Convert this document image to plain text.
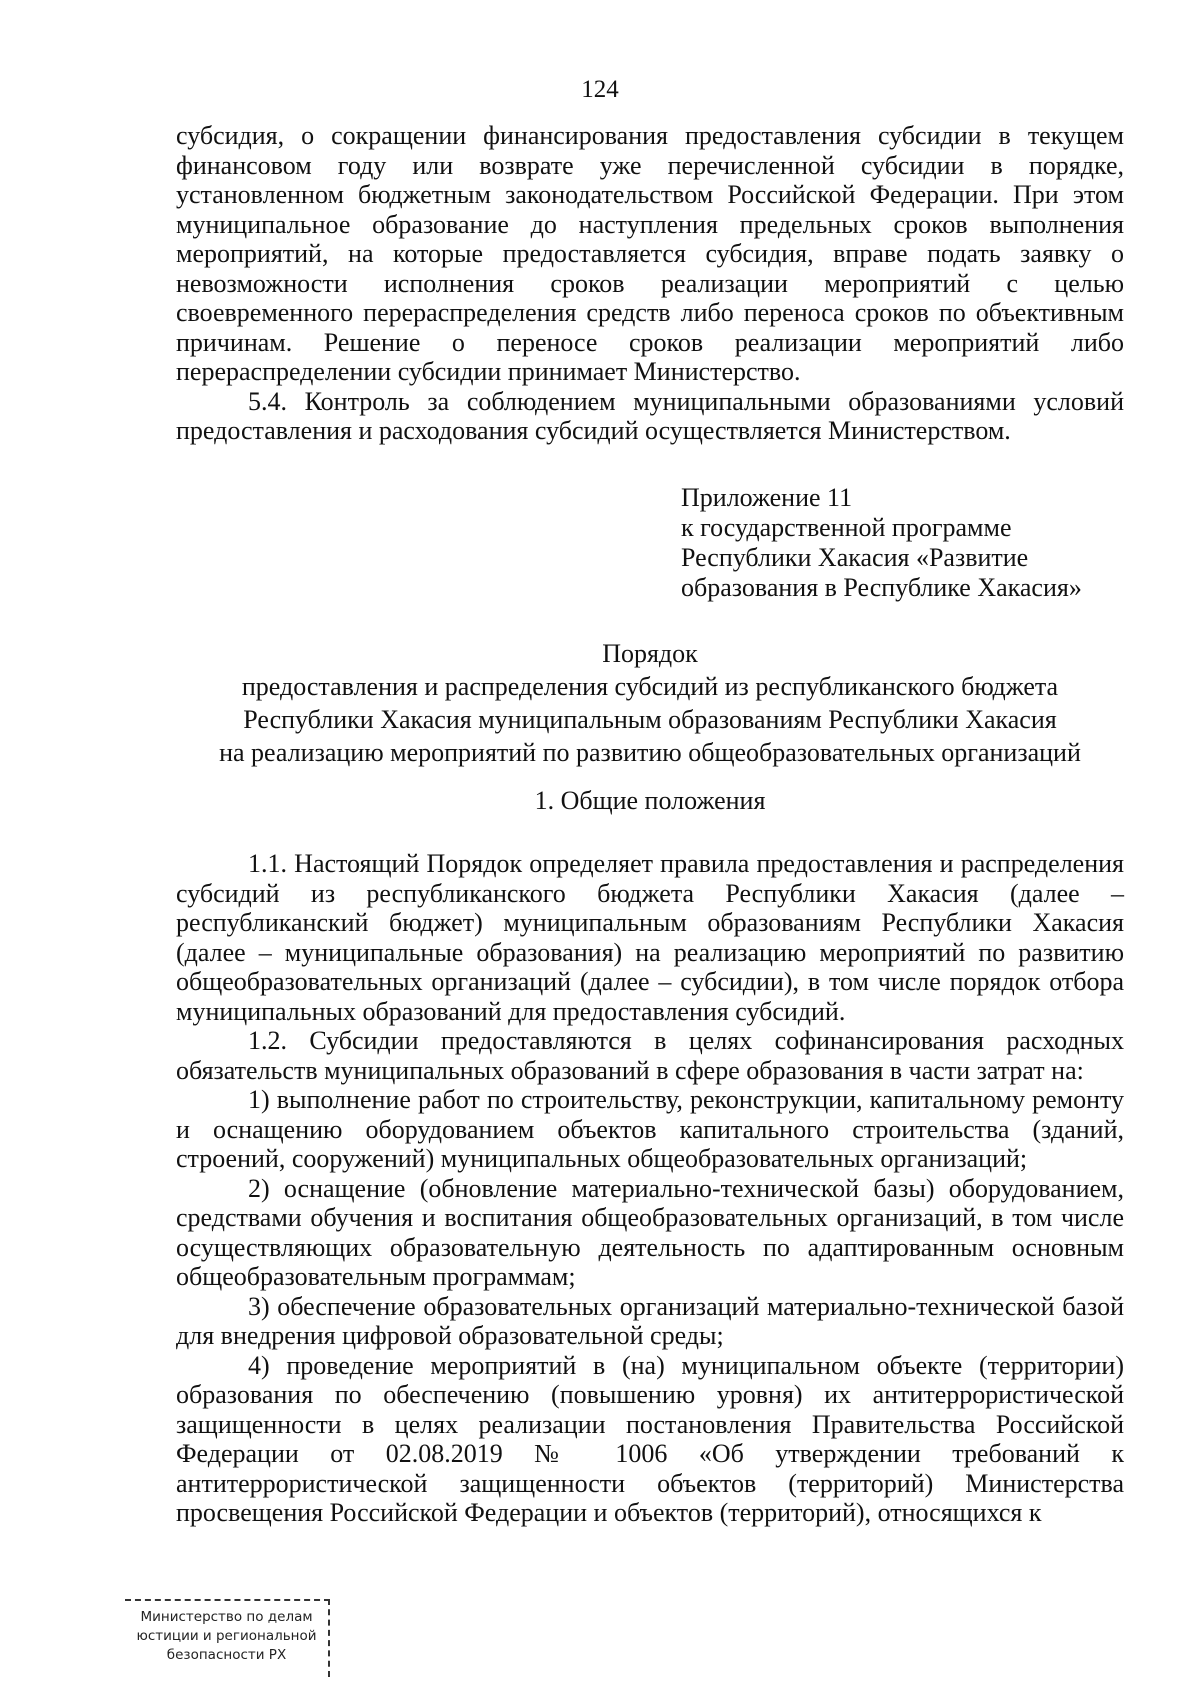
124

субсидия, о сокращении финансирования предоставления субсидии в текущем финансовом году или возврате уже перечисленной субсидии в порядке, установленном бюджетным законодательством Российской Федерации. При этом муниципальное образование до наступления предельных сроков выполнения мероприятий, на которые предоставляется субсидия, вправе подать заявку о невозможности исполнения сроков реализации мероприятий с целью своевременного перераспределения средств либо переноса сроков по объективным причинам. Решение о переносе сроков реализации мероприятий либо перераспределении субсидии принимает Министерство.

5.4. Контроль за соблюдением муниципальными образованиями условий предоставления и расходования субсидий осуществляется Министерством.

Приложение 11
к государственной программе
Республики Хакасия «Развитие
образования в Республике Хакасия»
Порядок
предоставления и распределения субсидий из республиканского бюджета
Республики Хакасия муниципальным образованиям Республики Хакасия
на реализацию мероприятий по развитию общеобразовательных организаций
1. Общие положения

1.1. Настоящий Порядок определяет правила предоставления и распределения субсидий из республиканского бюджета Республики Хакасия (далее – республиканский бюджет) муниципальным образованиям Республики Хакасия (далее – муниципальные образования) на реализацию мероприятий по развитию общеобразовательных организаций (далее – субсидии), в том числе порядок отбора муниципальных образований для предоставления субсидий.

1.2. Субсидии предоставляются в целях софинансирования расходных обязательств муниципальных образований в сфере образования в части затрат на:

1) выполнение работ по строительству, реконструкции, капитальному ремонту и оснащению оборудованием объектов капитального строительства (зданий, строений, сооружений) муниципальных общеобразовательных организаций;

2) оснащение (обновление материально-технической базы) оборудованием, средствами обучения и воспитания общеобразовательных организаций, в том числе осуществляющих образовательную деятельность по адаптированным основным общеобразовательным программам;

3) обеспечение образовательных организаций материально-технической базой для внедрения цифровой образовательной среды;

4) проведение мероприятий в (на) муниципальном объекте (территории) образования по обеспечению (повышению уровня) их антитеррористической защищенности в целях реализации постановления Правительства Российской Федерации от 02.08.2019 № 1006 «Об утверждении требований к антитеррористической защищенности объектов (территорий) Министерства просвещения Российской Федерации и объектов (территорий), относящихся к

Министерство по делам
юстиции и региональной
безопасности РХ
